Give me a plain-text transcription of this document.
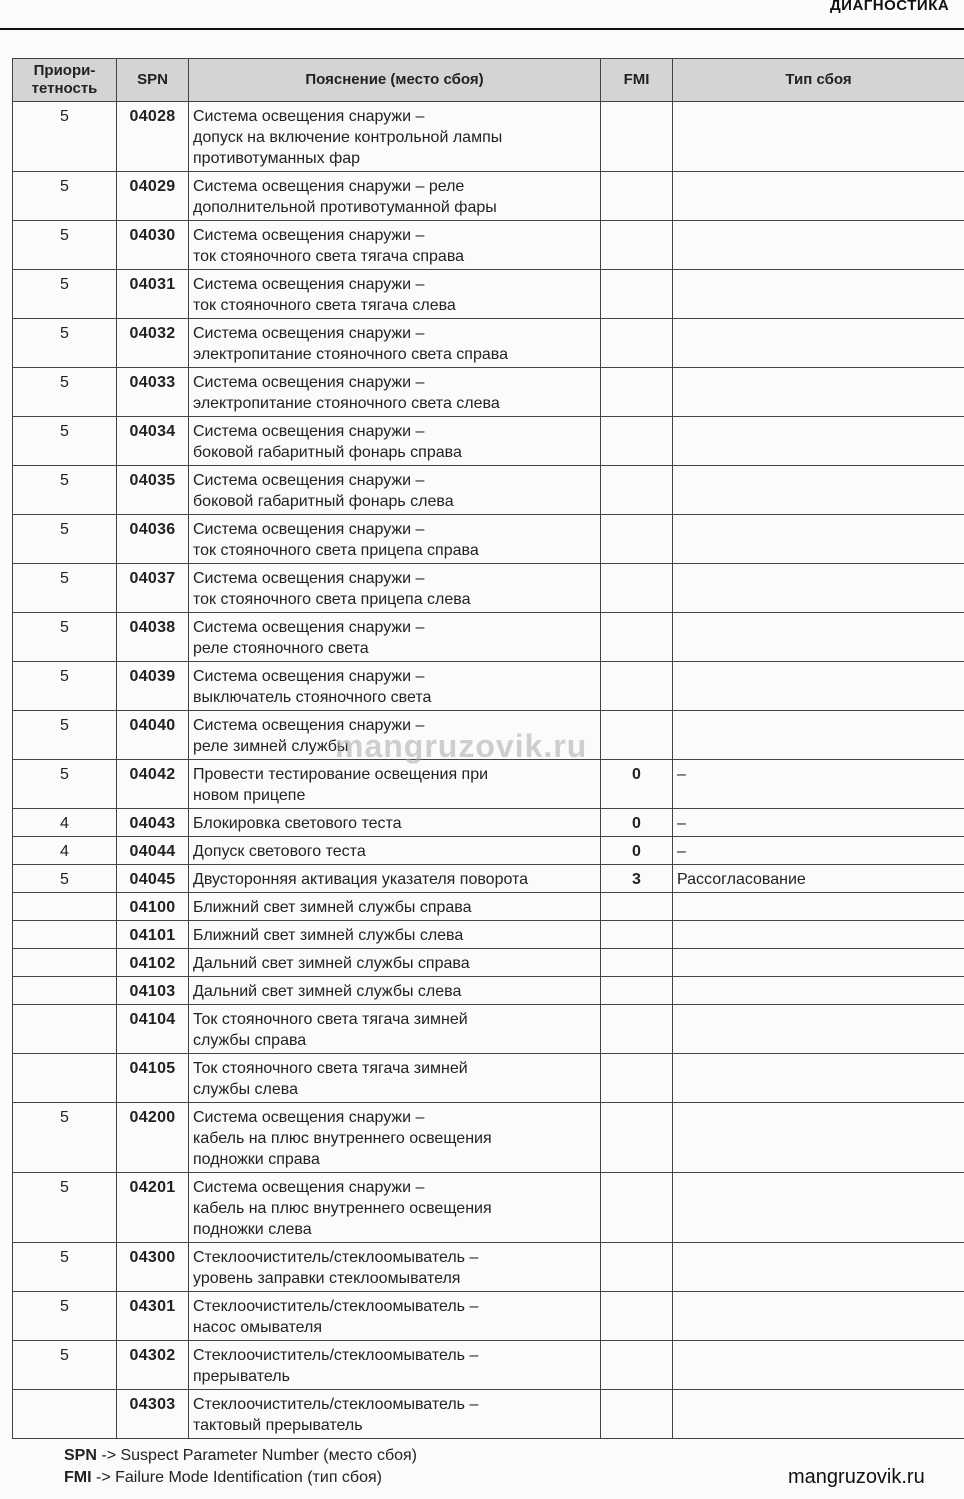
ДИАГНОСТИКА
Приори-тетность	SPN	Пояснение (место сбоя)	FMI	Тип сбоя
5	04028	Система освещения снаружи –
допуск на включение контрольной лампы
противотуманных фар		
5	04029	Система освещения снаружи – реле
дополнительной противотуманной фары		
5	04030	Система освещения снаружи –
ток стояночного света тягача справа		
5	04031	Система освещения снаружи –
ток стояночного света тягача слева		
5	04032	Система освещения снаружи –
электропитание стояночного света справа		
5	04033	Система освещения снаружи –
электропитание стояночного света слева		
5	04034	Система освещения снаружи –
боковой габаритный фонарь справа		
5	04035	Система освещения снаружи –
боковой габаритный фонарь слева		
5	04036	Система освещения снаружи –
ток стояночного света прицепа справа		
5	04037	Система освещения снаружи –
ток стояночного света прицепа слева		
5	04038	Система освещения снаружи –
реле стояночного света		
5	04039	Система освещения снаружи –
выключатель стояночного света		
5	04040	Система освещения снаружи –
реле зимней службы		
5	04042	Провести тестирование освещения при
новом прицепе	0	–
4	04043	Блокировка светового теста	0	–
4	04044	Допуск светового теста	0	–
5	04045	Двусторонняя активация указателя поворота	3	Рассогласование
	04100	Ближний свет зимней службы справа		
	04101	Ближний свет зимней службы слева		
	04102	Дальний свет зимней службы справа		
	04103	Дальний свет зимней службы слева		
	04104	Ток стояночного света тягача зимней
службы справа		
	04105	Ток стояночного света тягача зимней
службы слева		
5	04200	Система освещения снаружи –
кабель на плюс внутреннего освещения
подножки справа		
5	04201	Система освещения снаружи –
кабель на плюс внутреннего освещения
подножки слева		
5	04300	Стеклоочиститель/стеклоомыватель –
уровень заправки стеклоомывателя		
5	04301	Стеклоочиститель/стеклоомыватель –
насос омывателя		
5	04302	Стеклоочиститель/стеклоомыватель –
прерыватель		
	04303	Стеклоочиститель/стеклоомыватель –
тактовый прерыватель		
mangruzovik.ru
SPN -> Suspect Parameter Number (место сбоя)
FMI -> Failure Mode Identification (тип сбоя)	mangruzovik.ru
